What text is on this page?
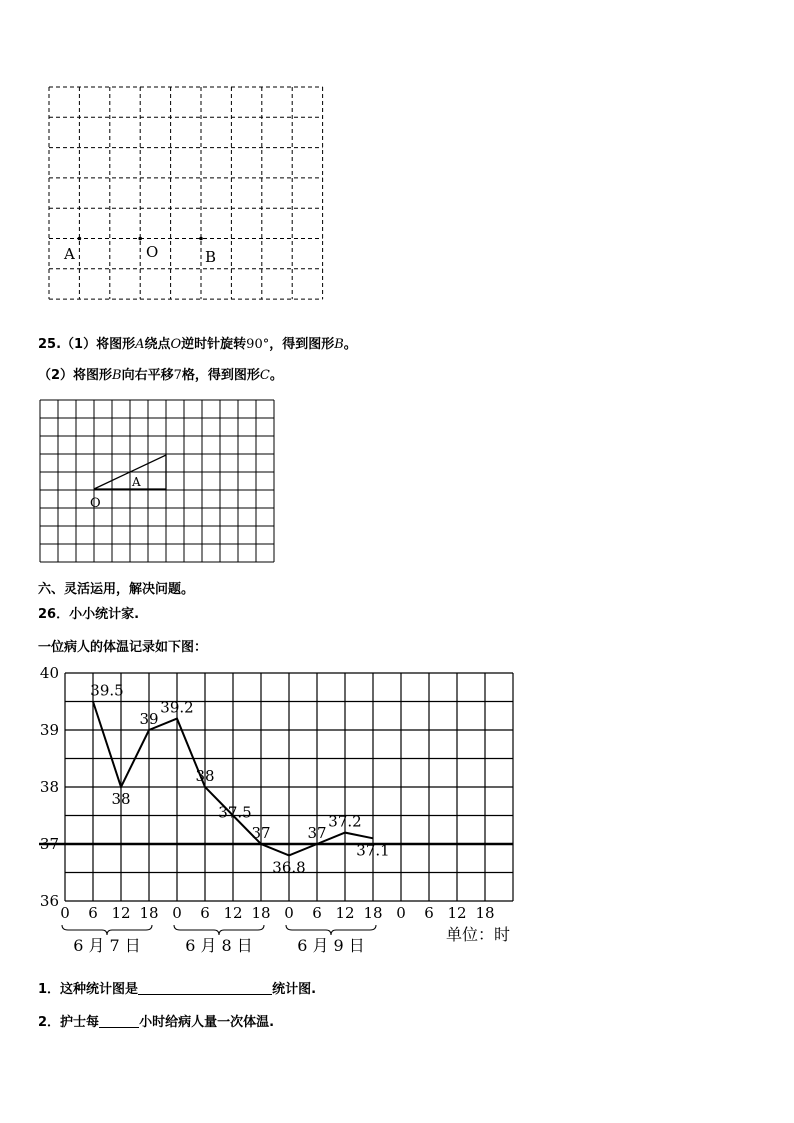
A	O	B
25.（1）将图形A绕点O逆时针旋转90°，得到图形B。
（2）将图形B向右平移7格，得到图形C。
A
O
六、灵活运用，解决问题。
26．小小统计家.
一位病人的体温记录如下图：
40
39
38
37
36
0 6 12 18 0 6 12 18 0 6 12 18 0 6 12 18
6 月 7 日	6 月 8 日	6 月 9 日
39.5
38
39
39.2
38
37.5
37
36.8
37
37.2
37.1
单位：时
1．这种统计图是	统计图.
2．护士每	小时给病人量一次体温.
